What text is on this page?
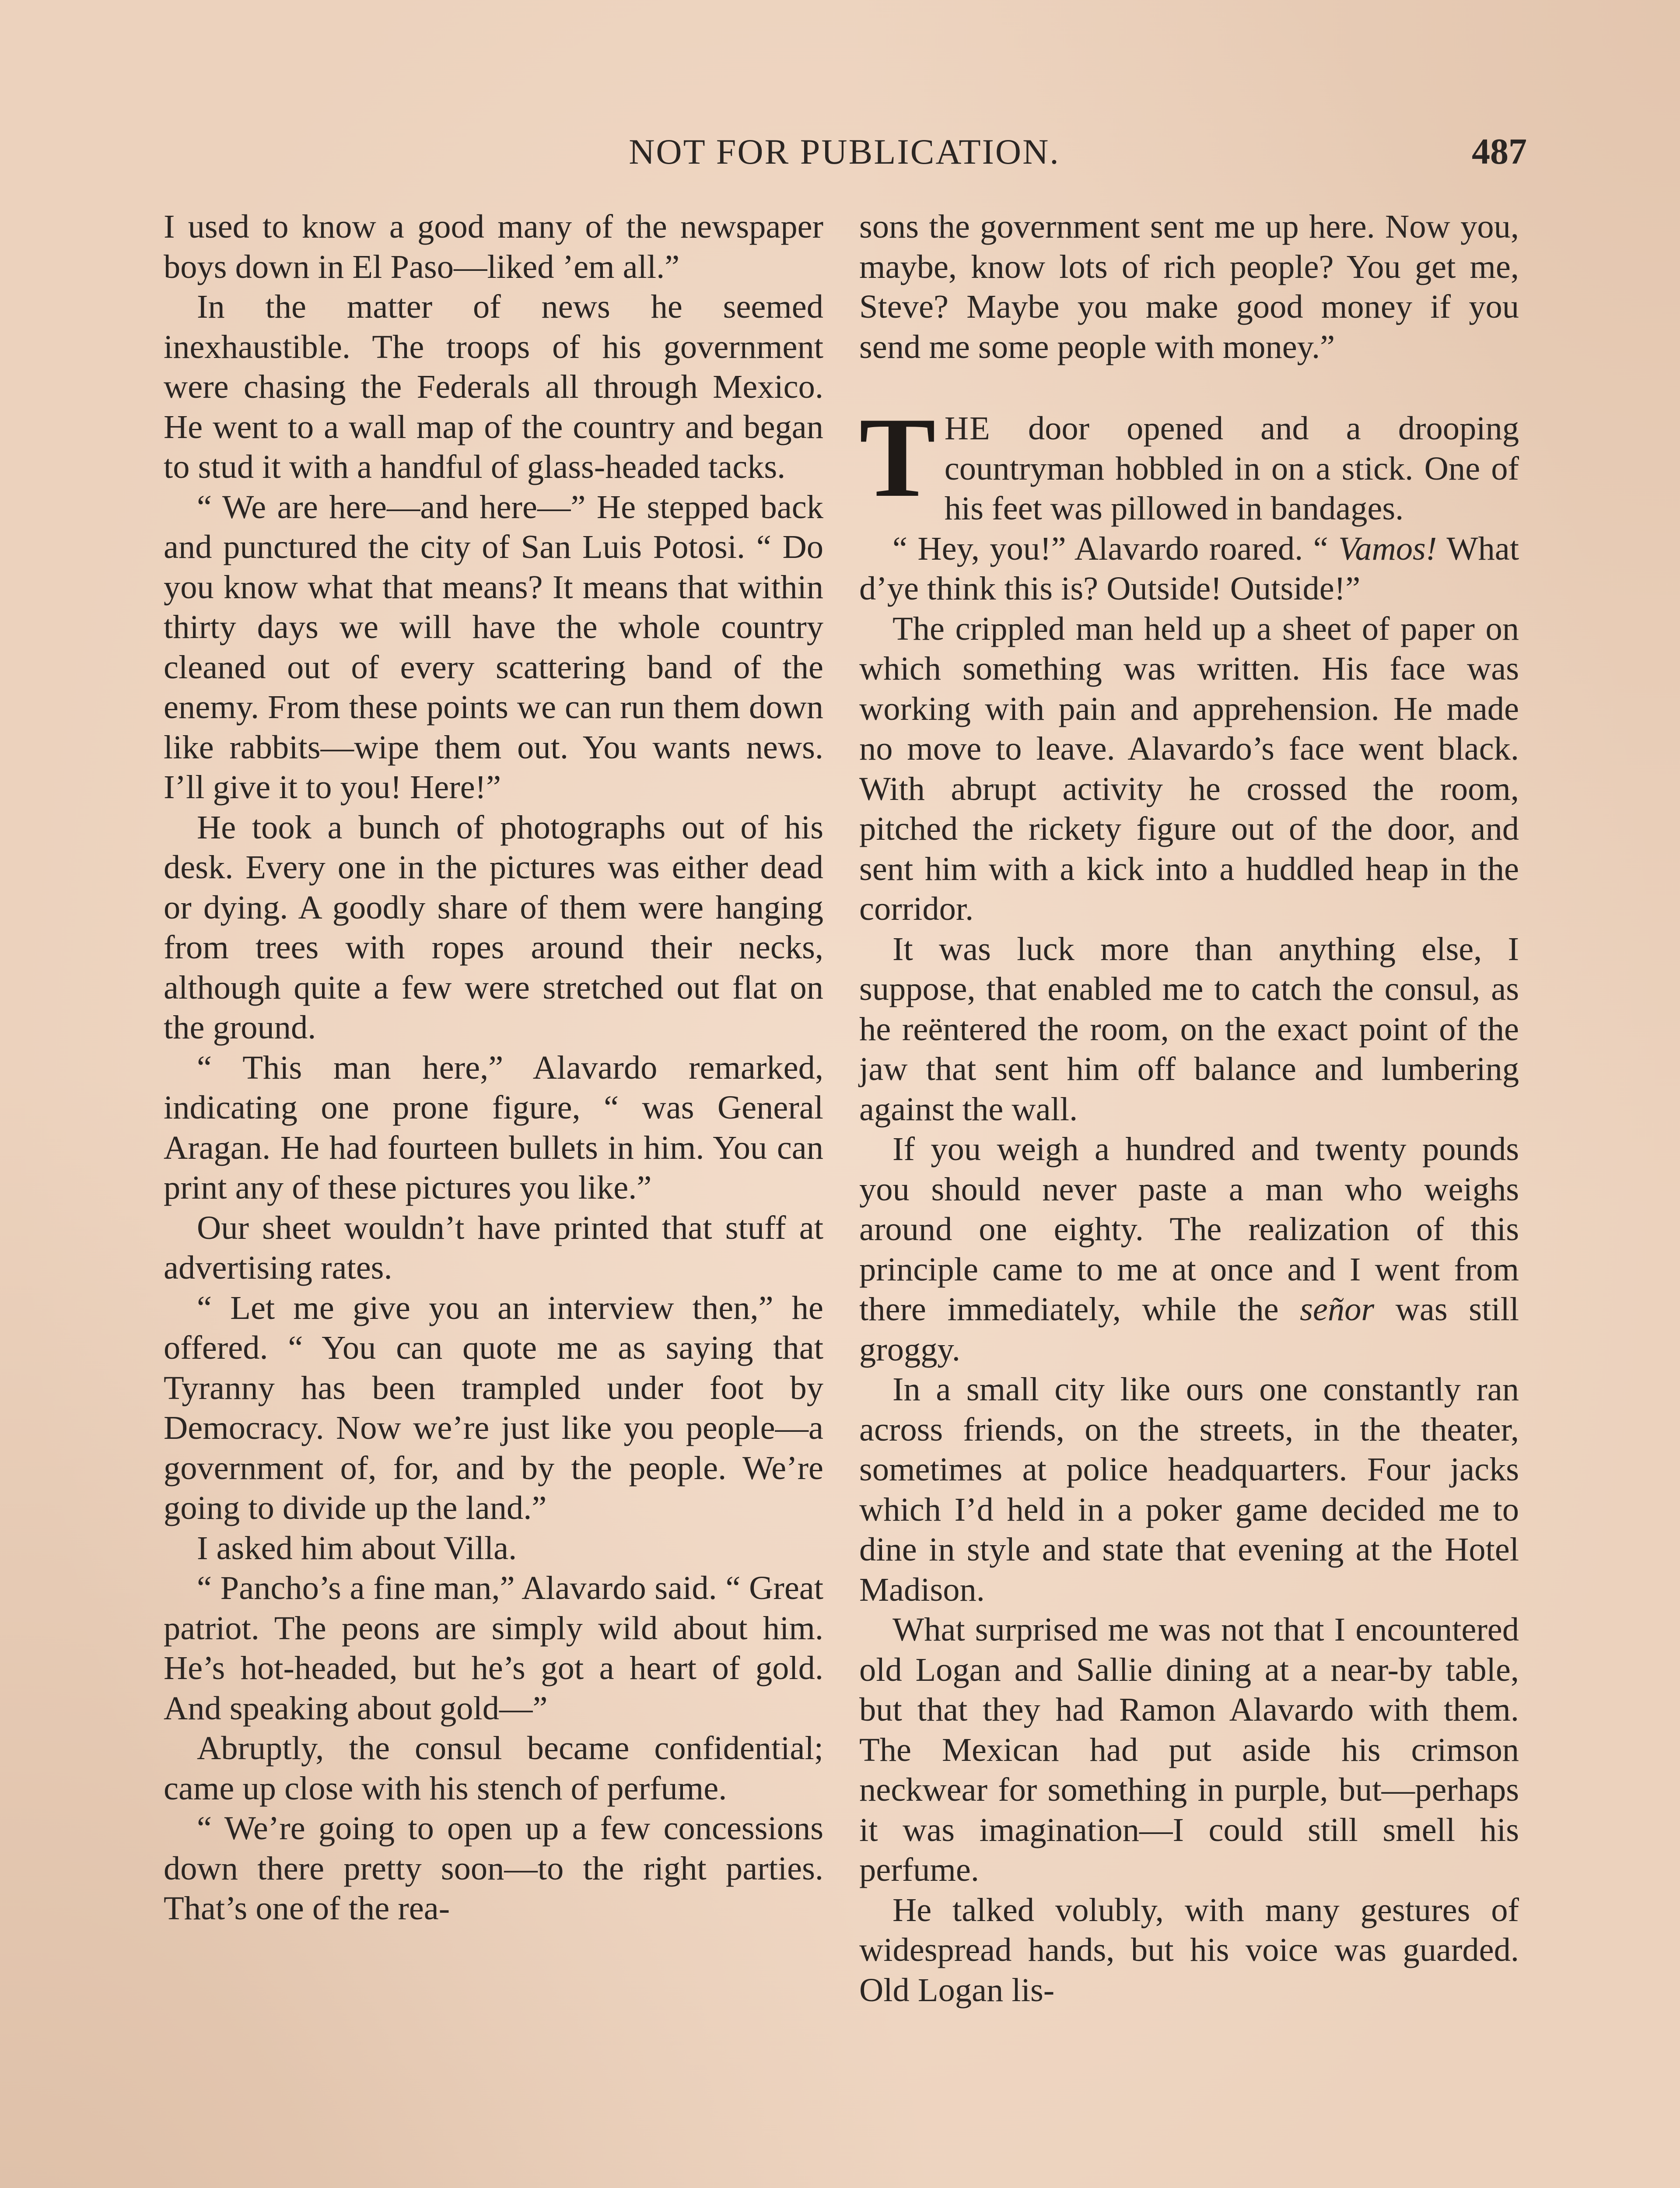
NOT FOR PUBLICATION.	487

I used to know a good many of the newspaper boys down in El Paso—liked ’em all.”

In the matter of news he seemed inexhaustible. The troops of his government were chasing the Federals all through Mexico. He went to a wall map of the country and began to stud it with a handful of glass-headed tacks.

“ We are here—and here—” He stepped back and punctured the city of San Luis Potosi. “ Do you know what that means? It means that within thirty days we will have the whole country cleaned out of every scattering band of the enemy. From these points we can run them down like rabbits—wipe them out. You wants news. I’ll give it to you! Here!”

He took a bunch of photographs out of his desk. Every one in the pictures was either dead or dying. A goodly share of them were hanging from trees with ropes around their necks, although quite a few were stretched out flat on the ground.

“ This man here,” Alavardo remarked, indicating one prone figure, “ was General Aragan. He had fourteen bullets in him. You can print any of these pictures you like.”

Our sheet wouldn’t have printed that stuff at advertising rates.

“ Let me give you an interview then,” he offered. “ You can quote me as saying that Tyranny has been trampled under foot by Democracy. Now we’re just like you people—a government of, for, and by the people. We’re going to divide up the land.”

I asked him about Villa.

“ Pancho’s a fine man,” Alavardo said. “ Great patriot. The peons are simply wild about him. He’s hot-headed, but he’s got a heart of gold. And speaking about gold—”

Abruptly, the consul became confidential; came up close with his stench of perfume.

“ We’re going to open up a few concessions down there pretty soon—to the right parties. That’s one of the rea-

sons the government sent me up here. Now you, maybe, know lots of rich people? You get me, Steve? Maybe you make good money if you send me some people with money.”

THE door opened and a drooping countryman hobbled in on a stick. One of his feet was pillowed in bandages.

“ Hey, you!” Alavardo roared. “ Vamos! What d’ye think this is? Outside! Outside!”

The crippled man held up a sheet of paper on which something was written. His face was working with pain and apprehension. He made no move to leave. Alavardo’s face went black. With abrupt activity he crossed the room, pitched the rickety figure out of the door, and sent him with a kick into a huddled heap in the corridor.

It was luck more than anything else, I suppose, that enabled me to catch the consul, as he reëntered the room, on the exact point of the jaw that sent him off balance and lumbering against the wall.

If you weigh a hundred and twenty pounds you should never paste a man who weighs around one eighty. The realization of this principle came to me at once and I went from there immediately, while the señor was still groggy.

In a small city like ours one constantly ran across friends, on the streets, in the theater, sometimes at police headquarters. Four jacks which I’d held in a poker game decided me to dine in style and state that evening at the Hotel Madison.

What surprised me was not that I encountered old Logan and Sallie dining at a near-by table, but that they had Ramon Alavardo with them. The Mexican had put aside his crimson neckwear for something in purple, but—perhaps it was imagination—I could still smell his perfume.

He talked volubly, with many gestures of widespread hands, but his voice was guarded. Old Logan lis-
